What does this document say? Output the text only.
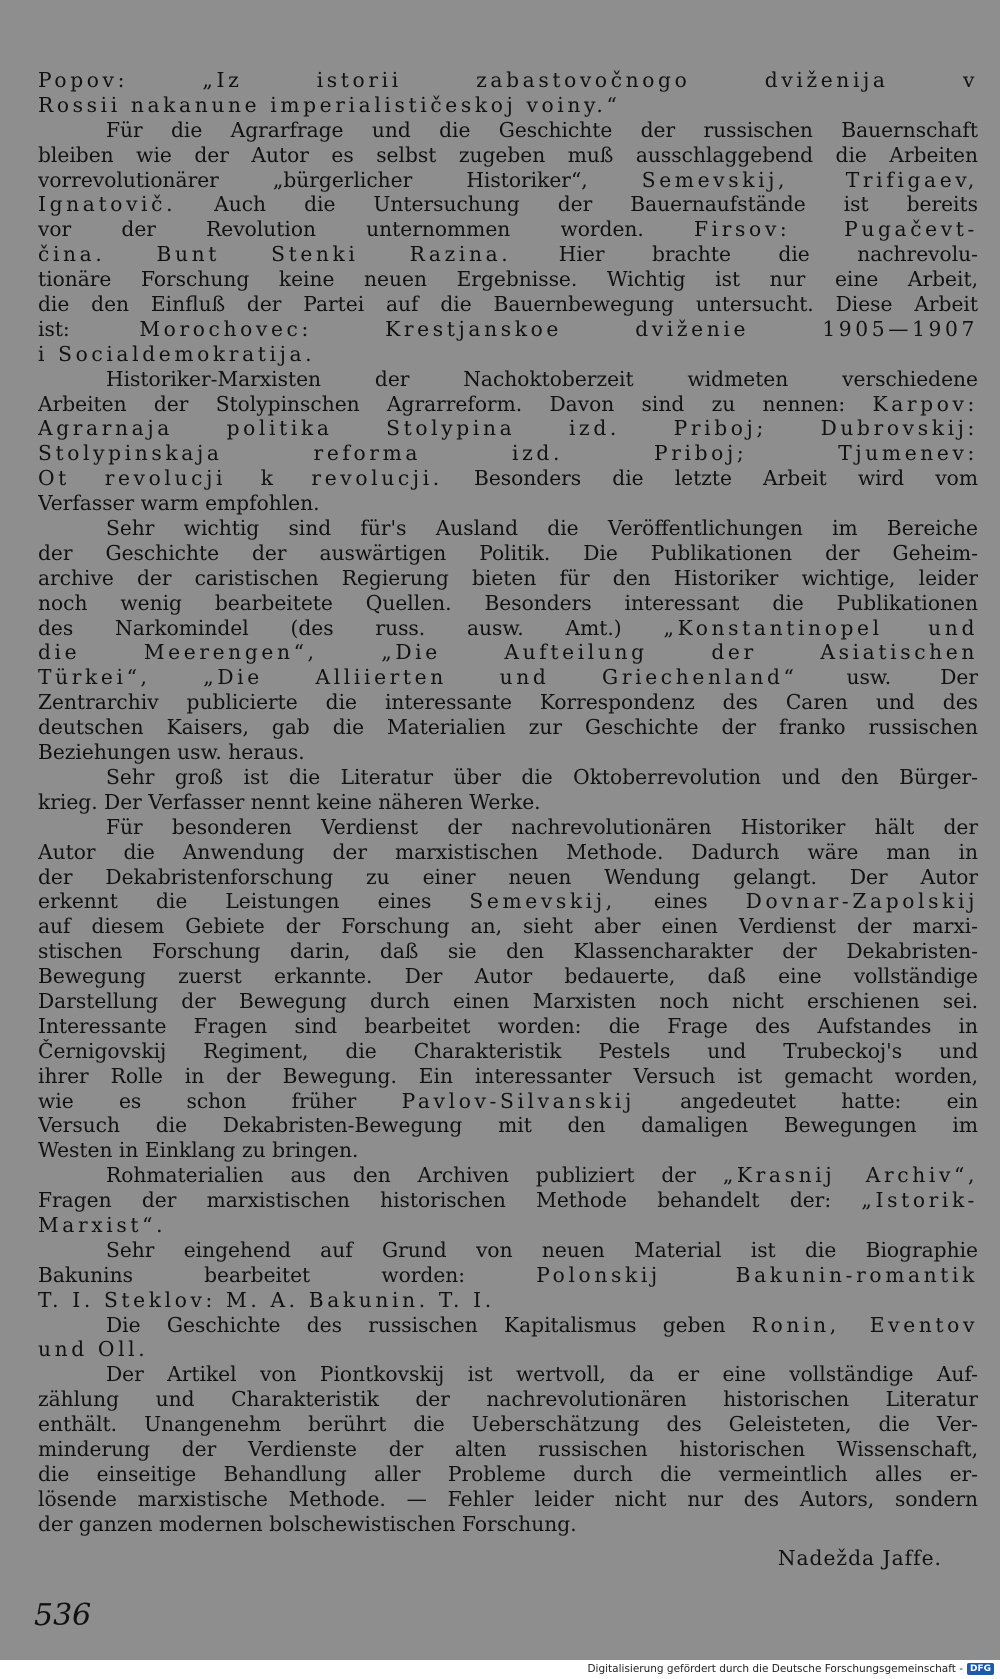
Popov: „Iz istorii zabastovočnogo dviženija v
Rossii nakanune imperialističeskoj voiny.“
Für die Agrarfrage und die Geschichte der russischen Bauernschaft
bleiben wie der Autor es selbst zugeben muß ausschlaggebend die Arbeiten
vorrevolutionärer „bürgerlicher Historiker“, Semevskij, Trifigaev,
Ignatovič. Auch die Untersuchung der Bauernaufstände ist bereits
vor der Revolution unternommen worden. Firsov: Pugačevt-
čina. Bunt Stenki Razina. Hier brachte die nachrevolu-
tionäre Forschung keine neuen Ergebnisse. Wichtig ist nur eine Arbeit,
die den Einfluß der Partei auf die Bauernbewegung untersucht. Diese Arbeit
ist: Morochovec: Krestjanskoe dviženie 1905—1907
i Socialdemokratija.
Historiker-Marxisten der Nachoktoberzeit widmeten verschiedene
Arbeiten der Stolypinschen Agrarreform. Davon sind zu nennen: Karpov:
Agrarnaja politika Stolypina izd. Priboj; Dubrovskij:
Stolypinskaja reforma izd. Priboj; Tjumenev:
Ot revolucji k revolucji. Besonders die letzte Arbeit wird vom
Verfasser warm empfohlen.
Sehr wichtig sind für's Ausland die Veröffentlichungen im Bereiche
der Geschichte der auswärtigen Politik. Die Publikationen der Geheim-
archive der caristischen Regierung bieten für den Historiker wichtige, leider
noch wenig bearbeitete Quellen. Besonders interessant die Publikationen
des Narkomindel (des russ. ausw. Amt.) „Konstantinopel und
die Meerengen“, „Die Aufteilung der Asiatischen
Türkei“, „Die Alliierten und Griechenland“ usw. Der
Zentrarchiv publicierte die interessante Korrespondenz des Caren und des
deutschen Kaisers, gab die Materialien zur Geschichte der franko russischen
Beziehungen usw. heraus.
Sehr groß ist die Literatur über die Oktoberrevolution und den Bürger-
krieg. Der Verfasser nennt keine näheren Werke.
Für besonderen Verdienst der nachrevolutionären Historiker hält der
Autor die Anwendung der marxistischen Methode. Dadurch wäre man in
der Dekabristenforschung zu einer neuen Wendung gelangt. Der Autor
erkennt die Leistungen eines Semevskij, eines Dovnar-Zapolskij
auf diesem Gebiete der Forschung an, sieht aber einen Verdienst der marxi-
stischen Forschung darin, daß sie den Klassencharakter der Dekabristen-
Bewegung zuerst erkannte. Der Autor bedauerte, daß eine vollständige
Darstellung der Bewegung durch einen Marxisten noch nicht erschienen sei.
Interessante Fragen sind bearbeitet worden: die Frage des Aufstandes in
Černigovskij Regiment, die Charakteristik Pestels und Trubeckoj's und
ihrer Rolle in der Bewegung. Ein interessanter Versuch ist gemacht worden,
wie es schon früher Pavlov-Silvanskij angedeutet hatte: ein
Versuch die Dekabristen-Bewegung mit den damaligen Bewegungen im
Westen in Einklang zu bringen.
Rohmaterialien aus den Archiven publiziert der „Krasnij Archiv“,
Fragen der marxistischen historischen Methode behandelt der: „Istorik-
Marxist“.
Sehr eingehend auf Grund von neuen Material ist die Biographie
Bakunins bearbeitet worden: Polonskij Bakunin-romantik
T. I. Steklov: M. A. Bakunin. T. I.
Die Geschichte des russischen Kapitalismus geben Ronin, Eventov
und Oll.
Der Artikel von Piontkovskij ist wertvoll, da er eine vollständige Auf-
zählung und Charakteristik der nachrevolutionären historischen Literatur
enthält. Unangenehm berührt die Ueberschätzung des Geleisteten, die Ver-
minderung der Verdienste der alten russischen historischen Wissenschaft,
die einseitige Behandlung aller Probleme durch die vermeintlich alles er-
lösende marxistische Methode. — Fehler leider nicht nur des Autors, sondern
der ganzen modernen bolschewistischen Forschung.
Nadežda Jaffe.
536
Digitalisierung gefördert durch die Deutsche Forschungsgemeinschaft - DFG
